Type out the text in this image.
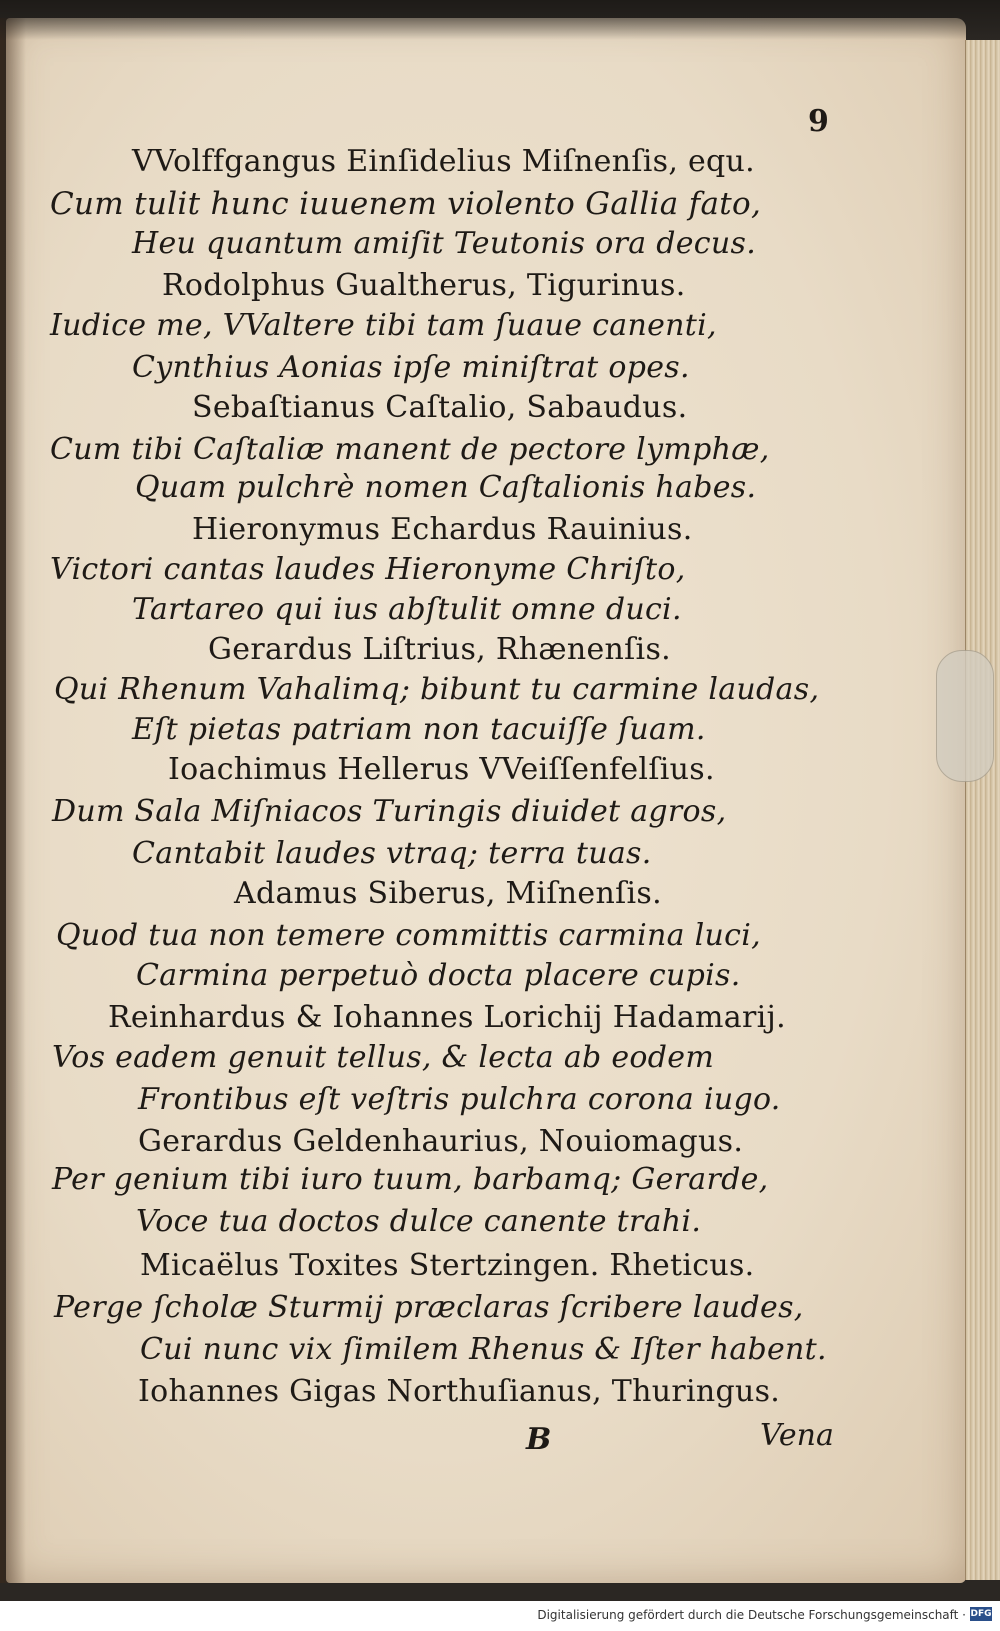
9
VVolffgangus Einſidelius Miſnenſis, equ.
Cum tulit hunc iuuenem violento Gallia fato,
Heu quantum amiſit Teutonis ora decus.
Rodolphus Gualtherus, Tigurinus.
Iudice me, VValtere tibi tam ſuaue canenti,
Cynthius Aonias ipſe miniſtrat opes.
Sebaſtianus Caſtalio, Sabaudus.
Cum tibi Caſtaliæ manent de pectore lymphæ,
Quam pulchrè nomen Caſtalionis habes.
Hieronymus Echardus Rauinius.
Victori cantas laudes Hieronyme Chriſto,
Tartareo qui ius abſtulit omne duci.
Gerardus Liſtrius, Rhænenſis.
Qui Rhenum Vahalimq; bibunt tu carmine laudas,
Eſt pietas patriam non tacuiſſe ſuam.
Ioachimus Hellerus VVeiſſenfelſius.
Dum Sala Miſniacos Turingis diuidet agros,
Cantabit laudes vtraq; terra tuas.
Adamus Siberus, Miſnenſis.
Quod tua non temere committis carmina luci,
Carmina perpetuò docta placere cupis.
Reinhardus & Iohannes Lorichij Hadamarij.
Vos eadem genuit tellus, & lecta ab eodem
Frontibus eſt veſtris pulchra corona iugo.
Gerardus Geldenhaurius, Nouiomagus.
Per genium tibi iuro tuum, barbamq; Gerarde,
Voce tua doctos dulce canente trahi.
Micaëlus Toxites Stertzingen. Rheticus.
Perge ſcholæ Sturmij præclaras ſcribere laudes,
Cui nunc vix ſimilem Rhenus & Iſter habent.
Iohannes Gigas Northuſianus, Thuringus.
B	Vena
Digitalisierung gefördert durch die Deutsche Forschungsgemeinschaft · DFG
